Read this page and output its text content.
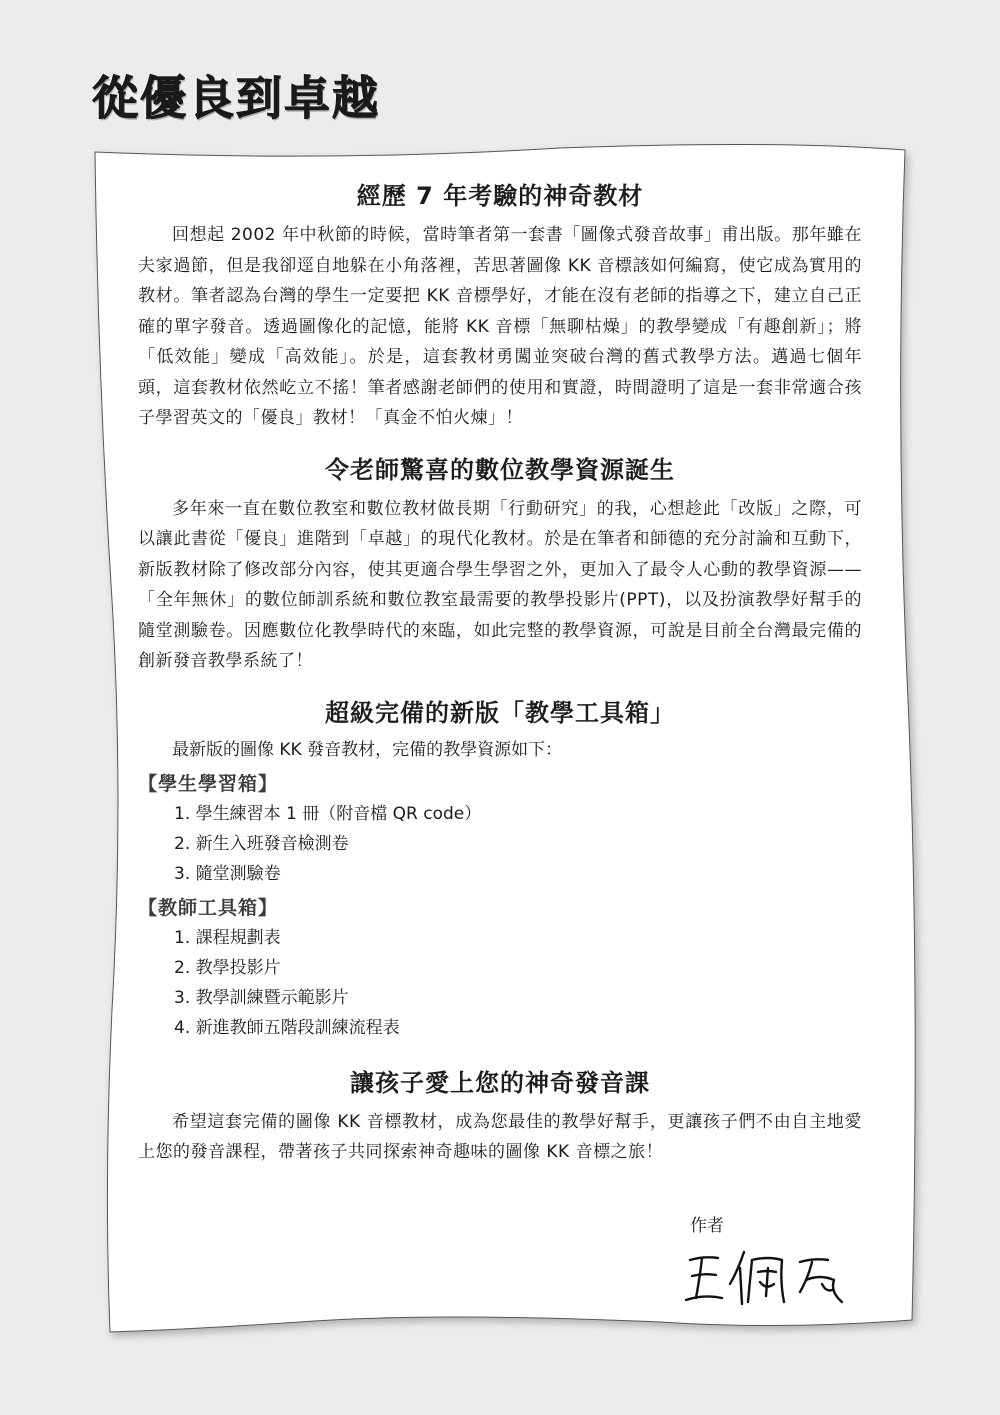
從優良到卓越
經歷 7 年考驗的神奇教材

回想起 2002 年中秋節的時候，當時筆者第一套書「圖像式發音故事」甫出版。那年雖在夫家過節，但是我卻逕自地躲在小角落裡，苦思著圖像 KK 音標該如何編寫，使它成為實用的教材。筆者認為台灣的學生一定要把 KK 音標學好，才能在沒有老師的指導之下，建立自己正確的單字發音。透過圖像化的記憶，能將 KK 音標「無聊枯燥」的教學變成「有趣創新」；將「低效能」變成「高效能」。於是，這套教材勇闖並突破台灣的舊式教學方法。邁過七個年頭，這套教材依然屹立不搖！筆者感謝老師們的使用和實證，時間證明了這是一套非常適合孩子學習英文的「優良」教材！「真金不怕火煉」！

令老師驚喜的數位教學資源誕生

多年來一直在數位教室和數位教材做長期「行動研究」的我，心想趁此「改版」之際，可以讓此書從「優良」進階到「卓越」的現代化教材。於是在筆者和師德的充分討論和互動下，新版教材除了修改部分內容，使其更適合學生學習之外，更加入了最令人心動的教學資源——「全年無休」的數位師訓系統和數位教室最需要的教學投影片(PPT)，以及扮演教學好幫手的隨堂測驗卷。因應數位化教學時代的來臨，如此完整的教學資源，可說是目前全台灣最完備的創新發音教學系統了！

超級完備的新版「教學工具箱」

最新版的圖像 KK 發音教材，完備的教學資源如下：

【學生學習箱】
1. 學生練習本 1 冊（附音檔 QR code）
2. 新生入班發音檢測卷
3. 隨堂測驗卷
【教師工具箱】
1. 課程規劃表
2. 教學投影片
3. 教學訓練暨示範影片
4. 新進教師五階段訓練流程表
讓孩子愛上您的神奇發音課

希望這套完備的圖像 KK 音標教材，成為您最佳的教學好幫手，更讓孩子們不由自主地愛上您的發音課程，帶著孩子共同探索神奇趣味的圖像 KK 音標之旅！

作者
